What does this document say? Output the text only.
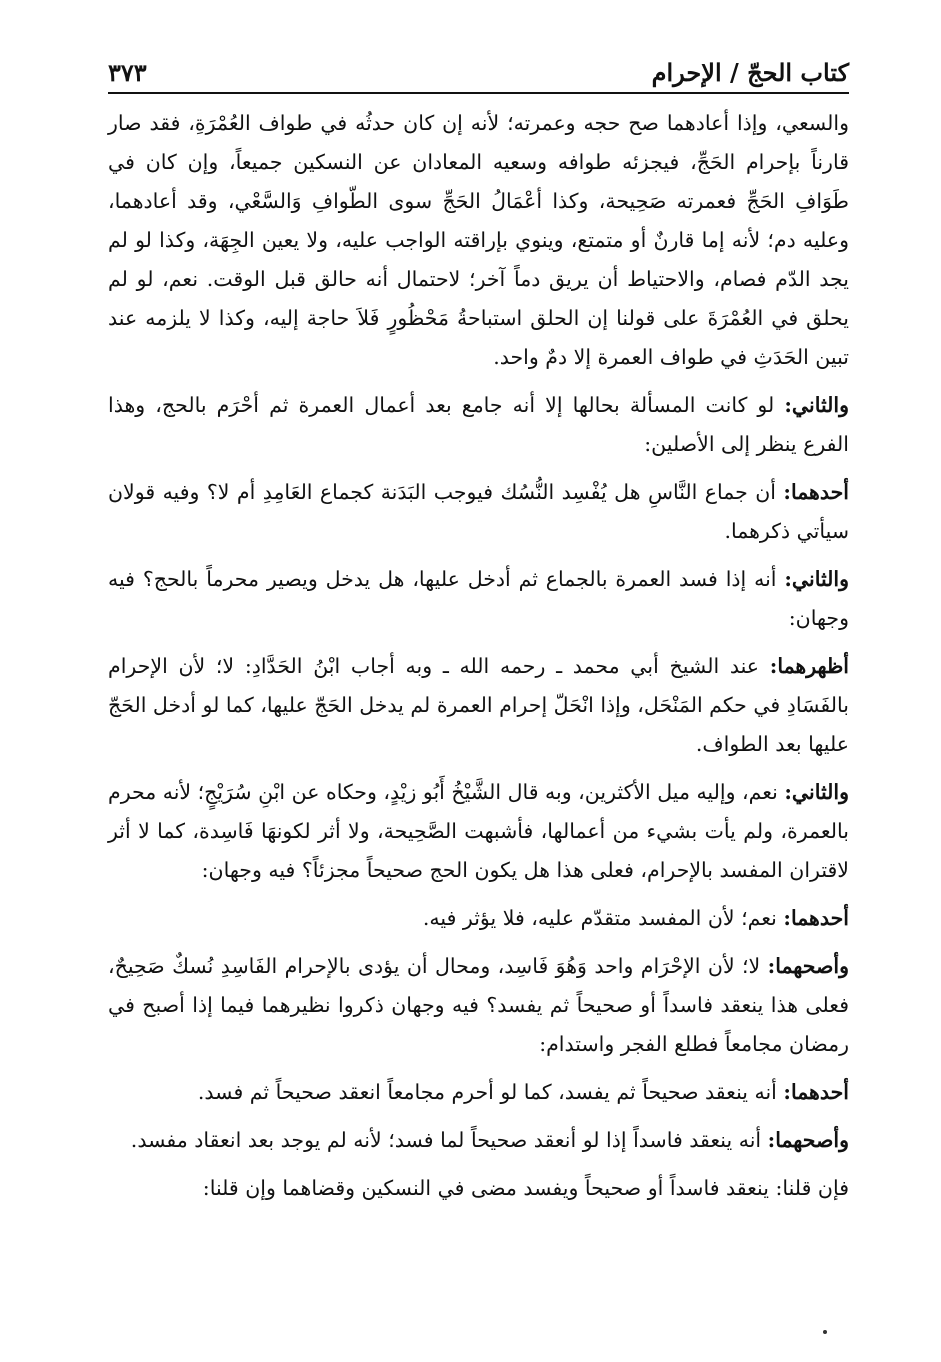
كتاب الحجّ / الإحرام
٣٧٣

والسعي، وإذا أعادهما صح حجه وعمرته؛ لأنه إن كان حدثُه في طواف العُمْرَةِ، فقد صار قارناً بإحرام الحَجِّ، فيجزئه طوافه وسعيه المعادان عن النسكين جميعاً، وإن كان في طَوَافِ الحَجِّ فعمرته صَحِيحة، وكذا أعْمَالُ الحَجِّ سوى الطّوافِ وَالسَّعْي، وقد أعادهما، وعليه دم؛ لأنه إما قارنٌ أو متمتع، وينوي بإراقته الواجب عليه، ولا يعين الجِهَة، وكذا لو لم يجد الدّم فصام، والاحتياط أن يريق دماً آخر؛ لاحتمال أنه حالق قبل الوقت. نعم، لو لم يحلق في العُمْرَةَ على قولنا إن الحلق استباحةُ مَحْظُورٍ فَلاَ حاجة إليه، وكذا لا يلزمه عند تبين الحَدَثِ في طواف العمرة إلا دمٌ واحد.

والثاني: لو كانت المسألة بحالها إلا أنه جامع بعد أعمال العمرة ثم أحْرَم بالحج، وهذا الفرع ينظر إلى الأصلين:

أحدهما: أن جماع النَّاسِ هل يُفْسِد النُّسُك فيوجب البَدَنة كجماع العَامِدِ أم لا؟ وفيه قولان سيأتي ذكرهما.

والثاني: أنه إذا فسد العمرة بالجماع ثم أدخل عليها، هل يدخل ويصير محرماً بالحج؟ فيه وجهان:

أظهرهما: عند الشيخ أبي محمد ـ رحمه الله ـ وبه أجاب ابْنُ الحَدَّادِ: لا؛ لأن الإحرام بالفَسَادِ في حكم المَنْحَل، وإذا انْحَلّ إحرام العمرة لم يدخل الحَجّ عليها، كما لو أدخل الحَجّ عليها بعد الطواف.

والثاني: نعم، وإليه ميل الأكثرين، وبه قال الشَّيْخُ أَبُو زيْدٍ، وحكاه عن ابْنِ سُرَيْجٍ؛ لأنه محرم بالعمرة، ولم يأت بشيء من أعمالها، فأشبهت الصَّحِيحة، ولا أثر لكونهَا فَاسِدة، كما لا أثر لاقتران المفسد بالإحرام، فعلى هذا هل يكون الحج صحيحاً مجزئاً؟ فيه وجهان:

أحدهما: نعم؛ لأن المفسد متقدّم عليه، فلا يؤثر فيه.

وأصحهما: لا؛ لأن الإحْرَام واحد وَهُوَ فَاسِد، ومحال أن يؤدى بالإحرام الفَاسِدِ نُسكٌ صَحِيحٌ، فعلى هذا ينعقد فاسداً أو صحيحاً ثم يفسد؟ فيه وجهان ذكروا نظيرهما فيما إذا أصبح في رمضان مجامعاً فطلع الفجر واستدام:

أحدهما: أنه ينعقد صحيحاً ثم يفسد، كما لو أحرم مجامعاً انعقد صحيحاً ثم فسد.

وأصحهما: أنه ينعقد فاسداً إذا لو أنعقد صحيحاً لما فسد؛ لأنه لم يوجد بعد انعقاد مفسد.

فإن قلنا: ينعقد فاسداً أو صحيحاً ويفسد مضى في النسكين وقضاهما وإن قلنا:
